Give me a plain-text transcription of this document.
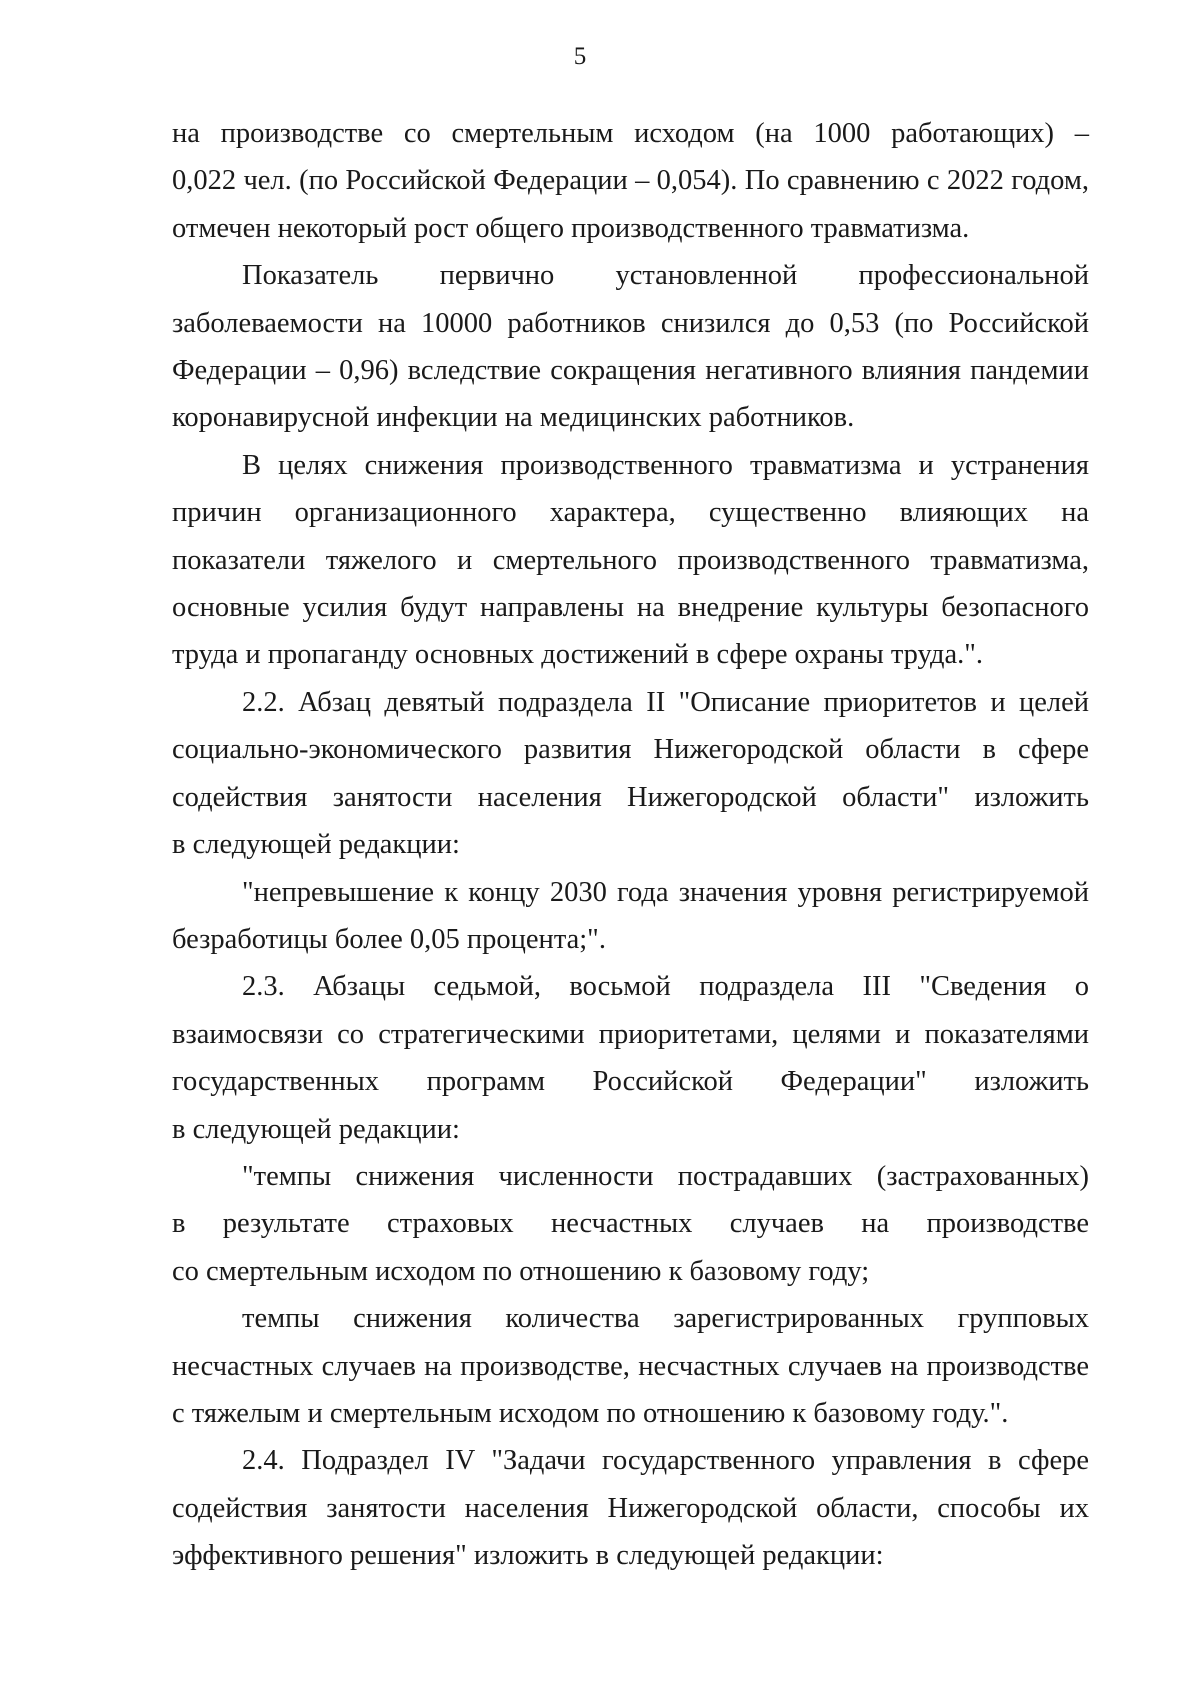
5
на производстве со смертельным исходом (на 1000 работающих) –
0,022 чел. (по Российской Федерации – 0,054). По сравнению с 2022 годом,
отмечен некоторый рост общего производственного травматизма.
Показатель первично установленной профессиональной
заболеваемости на 10000 работников снизился до 0,53 (по Российской
Федерации – 0,96) вследствие сокращения негативного влияния пандемии
коронавирусной инфекции на медицинских работников.
В целях снижения производственного травматизма и устранения
причин организационного характера, существенно влияющих на
показатели тяжелого и смертельного производственного травматизма,
основные усилия будут направлены на внедрение культуры безопасного
труда и пропаганду основных достижений в сфере охраны труда.".
2.2. Абзац девятый подраздела II "Описание приоритетов и целей
социально-экономического развития Нижегородской области в сфере
содействия занятости населения Нижегородской области" изложить
в следующей редакции:
"непревышение к концу 2030 года значения уровня регистрируемой
безработицы более 0,05 процента;".
2.3. Абзацы седьмой, восьмой подраздела III "Сведения о
взаимосвязи со стратегическими приоритетами, целями и показателями
государственных программ Российской Федерации" изложить
в следующей редакции:
"темпы снижения численности пострадавших (застрахованных)
в результате страховых несчастных случаев на производстве
со смертельным исходом по отношению к базовому году;
темпы снижения количества зарегистрированных групповых
несчастных случаев на производстве, несчастных случаев на производстве
с тяжелым и смертельным исходом по отношению к базовому году.".
2.4. Подраздел IV "Задачи государственного управления в сфере
содействия занятости населения Нижегородской области, способы их
эффективного решения" изложить в следующей редакции:
